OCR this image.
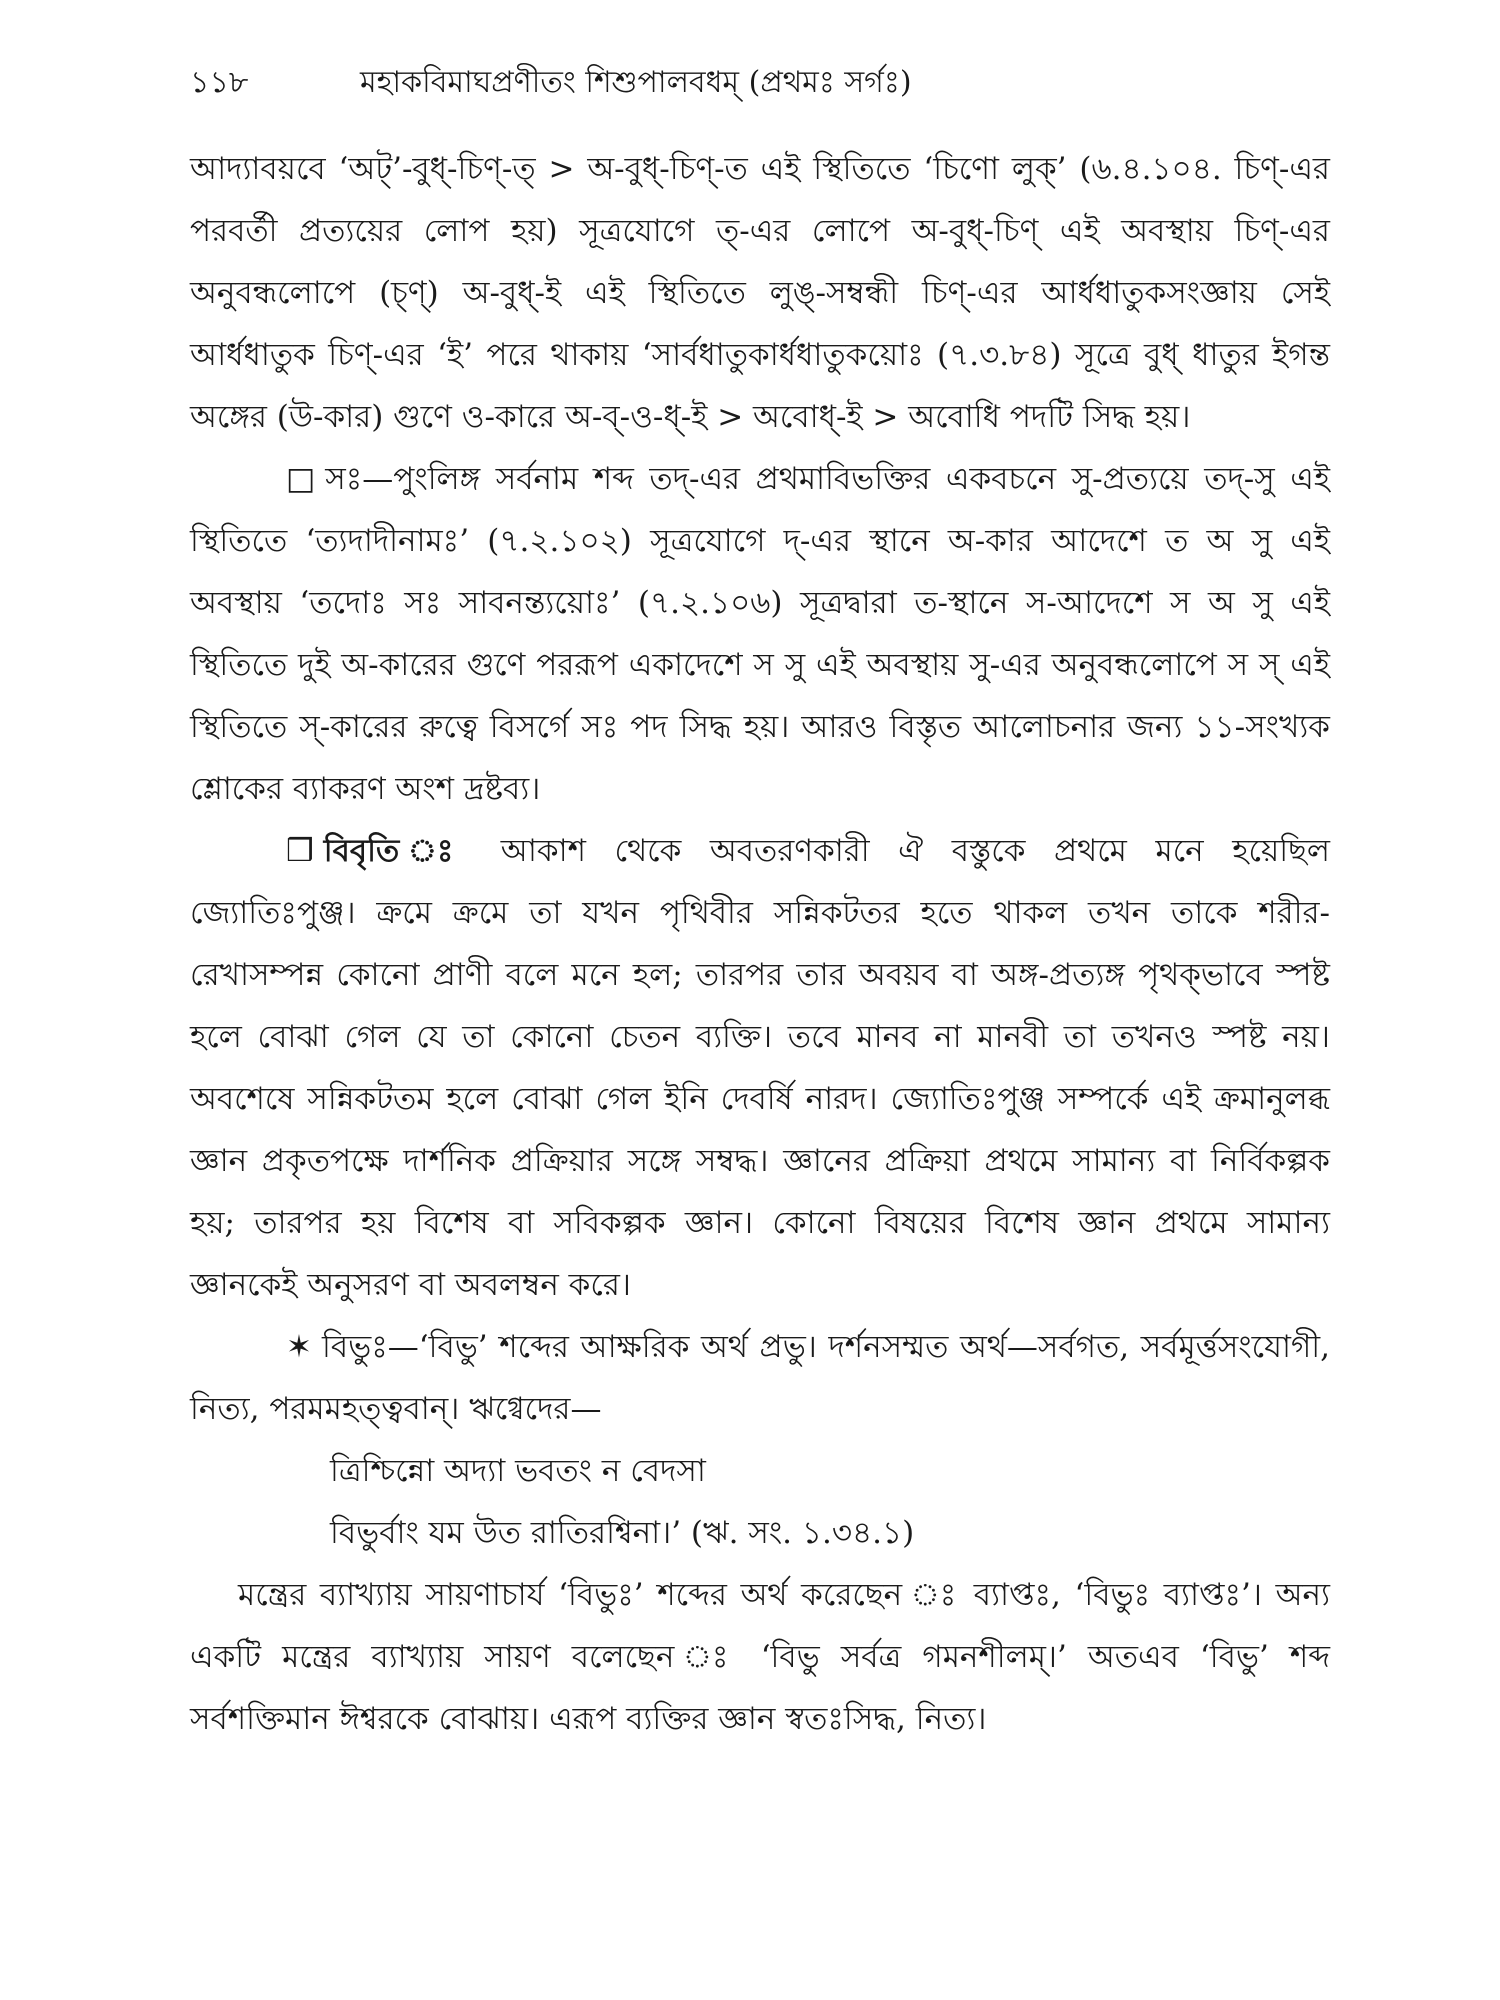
১১৮	মহাকবিমাঘপ্রণীতং শিশুপালবধম্ (প্রথমঃ সর্গঃ)

আদ্যাবয়বে ‘অট্’-বুধ্-চিণ্-ত্ > অ-বুধ্-চিণ্-ত এই স্থিতিতে ‘চিণো লুক্’ (৬.৪.১০৪. চিণ্-এর পরবর্তী প্রত্যয়ের লোপ হয়) সূত্রযোগে ত্-এর লোপে অ-বুধ্-চিণ্ এই অবস্থায় চিণ্-এর অনুবন্ধলোপে (চ্ণ্) অ-বুধ্-ই এই স্থিতিতে লুঙ্-সম্বন্ধী চিণ্-এর আর্ধধাতুকসংজ্ঞায় সেই আর্ধধাতুক চিণ্-এর ‘ই’ পরে থাকায় ‘সার্বধাতুকার্ধধাতুকয়োঃ (৭.৩.৮৪) সূত্রে বুধ্ ধাতুর ইগন্ত অঙ্গের (উ-কার) গুণে ও-কারে অ-ব্-ও-ধ্-ই > অবোধ্-ই > অবোধি পদটি সিদ্ধ হয়।

□ সঃ—পুংলিঙ্গ সর্বনাম শব্দ তদ্-এর প্রথমাবিভক্তির একবচনে সু-প্রত্যয়ে তদ্-সু এই স্থিতিতে ‘ত্যদাদীনামঃ’ (৭.২.১০২) সূত্রযোগে দ্-এর স্থানে অ-কার আদেশে ত অ সু এই অবস্থায় ‘তদোঃ সঃ সাবনন্ত্যয়োঃ’ (৭.২.১০৬) সূত্রদ্বারা ত-স্থানে স-আদেশে স অ সু এই স্থিতিতে দুই অ-কারের গুণে পররূপ একাদেশে স সু এই অবস্থায় সু-এর অনুবন্ধলোপে স স্ এই স্থিতিতে স্-কারের রুত্বে বিসর্গে সঃ পদ সিদ্ধ হয়। আরও বিস্তৃত আলোচনার জন্য ১১-সংখ্যক শ্লোকের ব্যাকরণ অংশ দ্রষ্টব্য।

❒ বিবৃতি ঃ আকাশ থেকে অবতরণকারী ঐ বস্তুকে প্রথমে মনে হয়েছিল জ্যোতিঃপুঞ্জ। ক্রমে ক্রমে তা যখন পৃথিবীর সন্নিকটতর হতে থাকল তখন তাকে শরীর-রেখাসম্পন্ন কোনো প্রাণী বলে মনে হল; তারপর তার অবয়ব বা অঙ্গ-প্রত্যঙ্গ পৃথক্‌ভাবে স্পষ্ট হলে বোঝা গেল যে তা কোনো চেতন ব্যক্তি। তবে মানব না মানবী তা তখনও স্পষ্ট নয়। অবশেষে সন্নিকটতম হলে বোঝা গেল ইনি দেবর্ষি নারদ। জ্যোতিঃপুঞ্জ সম্পর্কে এই ক্রমানুলব্ধ জ্ঞান প্রকৃতপক্ষে দার্শনিক প্রক্রিয়ার সঙ্গে সম্বদ্ধ। জ্ঞানের প্রক্রিয়া প্রথমে সামান্য বা নির্বিকল্পক হয়; তারপর হয় বিশেষ বা সবিকল্পক জ্ঞান। কোনো বিষয়ের বিশেষ জ্ঞান প্রথমে সামান্য জ্ঞানকেই অনুসরণ বা অবলম্বন করে।

✶ বিভুঃ—‘বিভু’ শব্দের আক্ষরিক অর্থ প্রভু। দর্শনসম্মত অর্থ—সর্বগত, সর্বমূর্ত্তসংযোগী, নিত্য, পরমমহত্ত্ববান্। ঋগ্বেদের—

ত্রিশ্চিন্নো অদ্যা ভবতং ন বেদসা

বিভুর্বাং যম উত রাতিরশ্বিনা।’ (ঋ. সং. ১.৩৪.১)

মন্ত্রের ব্যাখ্যায় সায়ণাচার্য ‘বিভুঃ’ শব্দের অর্থ করেছেন ঃ ব্যাপ্তঃ, ‘বিভুঃ ব্যাপ্তঃ’। অন্য একটি মন্ত্রের ব্যাখ্যায় সায়ণ বলেছেন ঃ ‘বিভু সর্বত্র গমনশীলম্।’ অতএব ‘বিভু’ শব্দ সর্বশক্তিমান ঈশ্বরকে বোঝায়। এরূপ ব্যক্তির জ্ঞান স্বতঃসিদ্ধ, নিত্য।
